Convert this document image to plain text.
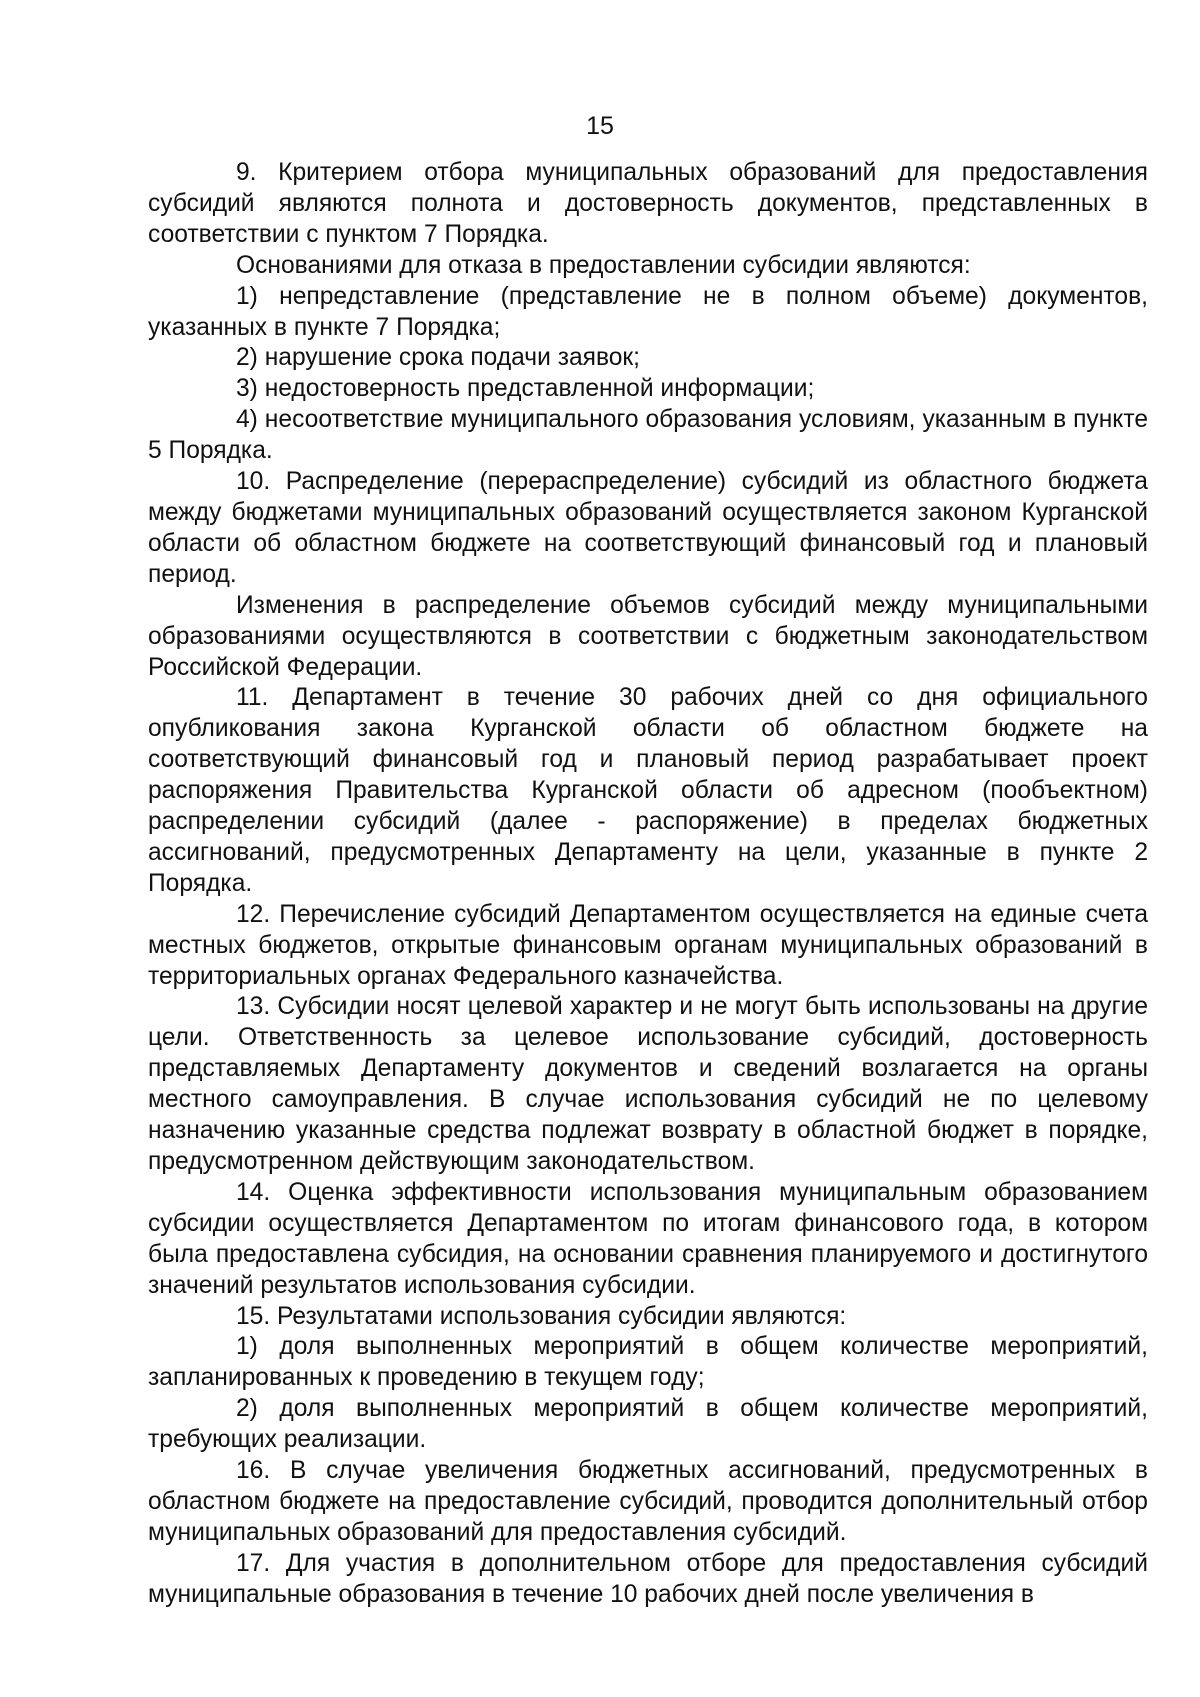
15

9. Критерием отбора муниципальных образований для предоставления субсидий являются полнота и достоверность документов, представленных в соответствии с пунктом 7 Порядка.

Основаниями для отказа в предоставлении субсидии являются:

1) непредставление (представление не в полном объеме) документов, указанных в пункте 7 Порядка;

2) нарушение срока подачи заявок;

3) недостоверность представленной информации;

4) несоответствие муниципального образования условиям, указанным в пункте 5 Порядка.

10. Распределение (перераспределение) субсидий из областного бюджета между бюджетами муниципальных образований осуществляется законом Курганской области об областном бюджете на соответствующий финансовый год и плановый период.

Изменения в распределение объемов субсидий между муниципальными образованиями осуществляются в соответствии с бюджетным законодательством Российской Федерации.

11. Департамент в течение 30 рабочих дней со дня официального опубликования закона Курганской области об областном бюджете на соответствующий финансовый год и плановый период разрабатывает проект распоряжения Правительства Курганской области об адресном (пообъектном) распределении субсидий (далее - распоряжение) в пределах бюджетных ассигнований, предусмотренных Департаменту на цели, указанные в пункте 2 Порядка.

12. Перечисление субсидий Департаментом осуществляется на единые счета местных бюджетов, открытые финансовым органам муниципальных образований в территориальных органах Федерального казначейства.

13. Субсидии носят целевой характер и не могут быть использованы на другие цели. Ответственность за целевое использование субсидий, достоверность представляемых Департаменту документов и сведений возлагается на органы местного самоуправления. В случае использования субсидий не по целевому назначению указанные средства подлежат возврату в областной бюджет в порядке, предусмотренном действующим законодательством.

14. Оценка эффективности использования муниципальным образованием субсидии осуществляется Департаментом по итогам финансового года, в котором была предоставлена субсидия, на основании сравнения планируемого и достигнутого значений результатов использования субсидии.

15. Результатами использования субсидии являются:

1) доля выполненных мероприятий в общем количестве мероприятий, запланированных к проведению в текущем году;

2) доля выполненных мероприятий в общем количестве мероприятий, требующих реализации.

16. В случае увеличения бюджетных ассигнований, предусмотренных в областном бюджете на предоставление субсидий, проводится дополнительный отбор муниципальных образований для предоставления субсидий.

17. Для участия в дополнительном отборе для предоставления субсидий муниципальные образования в течение 10 рабочих дней после увеличения в
